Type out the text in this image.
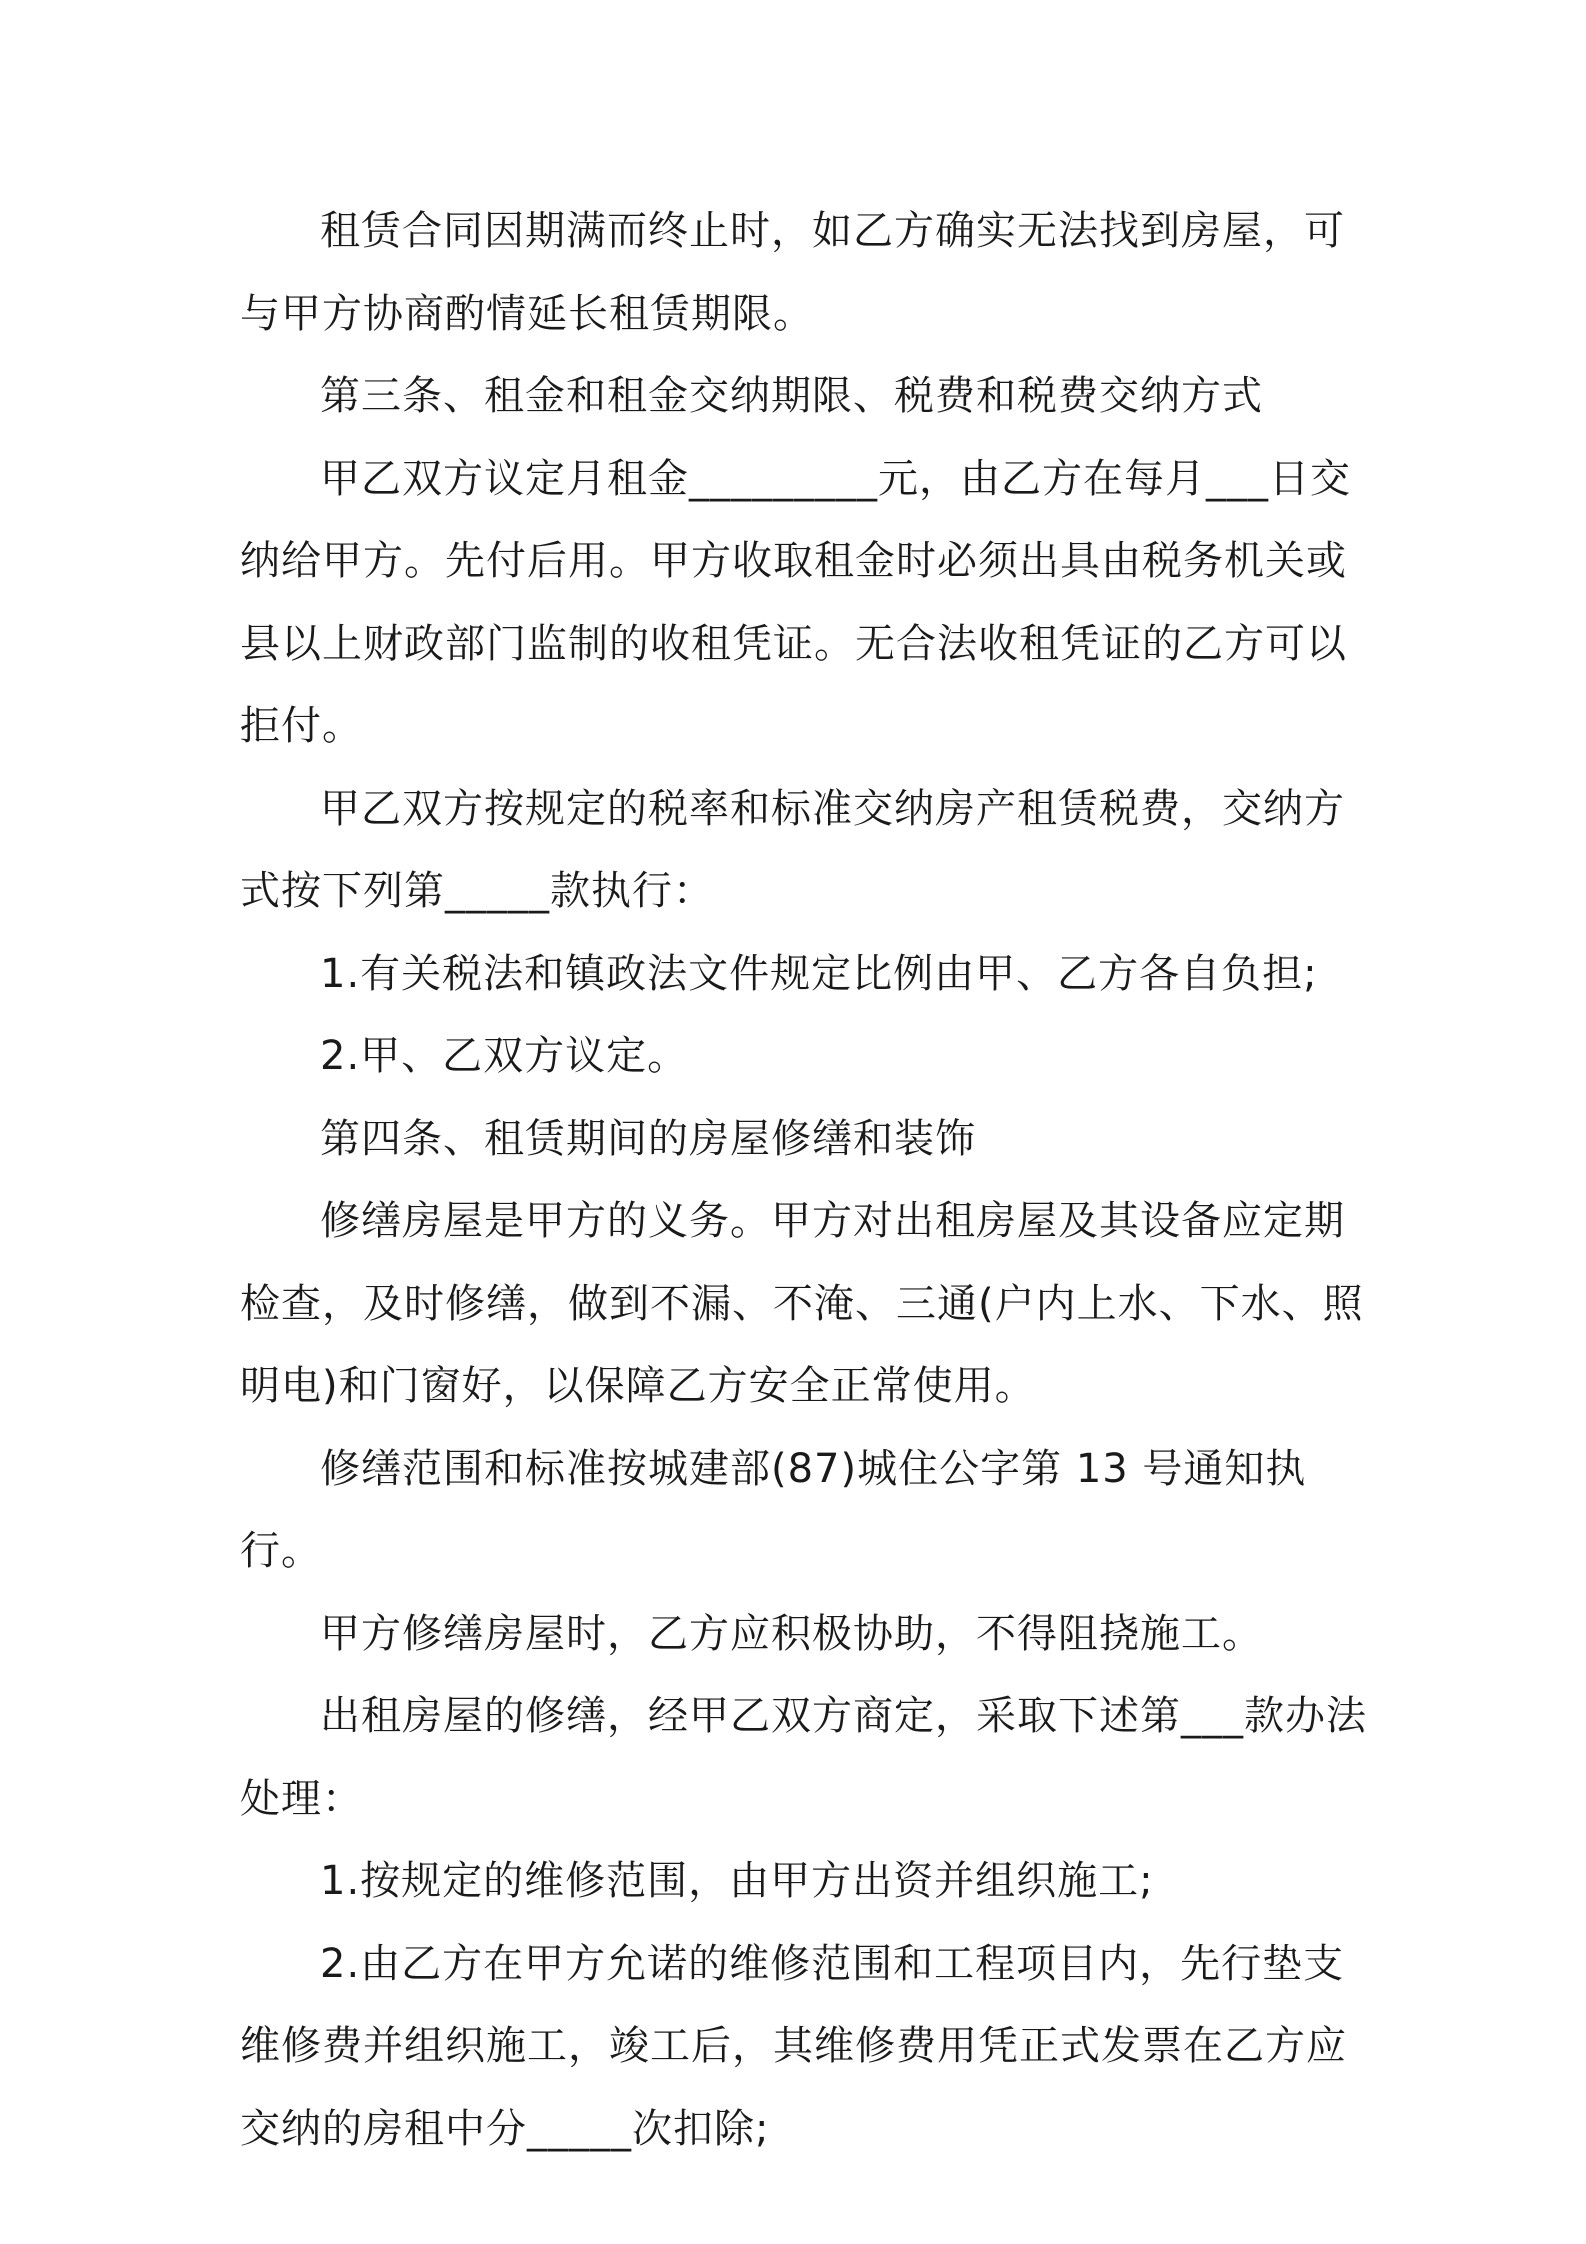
租赁合同因期满而终止时，如乙方确实无法找到房屋，可与甲方协商酌情延长租赁期限。

第三条、租金和租金交纳期限、税费和税费交纳方式

甲乙双方议定月租金_________元，由乙方在每月___日交纳给甲方。先付后用。甲方收取租金时必须出具由税务机关或县以上财政部门监制的收租凭证。无合法收租凭证的乙方可以拒付。

甲乙双方按规定的税率和标准交纳房产租赁税费，交纳方式按下列第_____款执行：

1.有关税法和镇政法文件规定比例由甲、乙方各自负担;

2.甲、乙双方议定。

第四条、租赁期间的房屋修缮和装饰

修缮房屋是甲方的义务。甲方对出租房屋及其设备应定期检查，及时修缮，做到不漏、不淹、三通(户内上水、下水、照明电)和门窗好，以保障乙方安全正常使用。

修缮范围和标准按城建部(87)城住公字第 13 号通知执行。

甲方修缮房屋时，乙方应积极协助，不得阻挠施工。

出租房屋的修缮，经甲乙双方商定，采取下述第___款办法处理：

1.按规定的维修范围，由甲方出资并组织施工;

2.由乙方在甲方允诺的维修范围和工程项目内，先行垫支维修费并组织施工，竣工后，其维修费用凭正式发票在乙方应交纳的房租中分_____次扣除;
